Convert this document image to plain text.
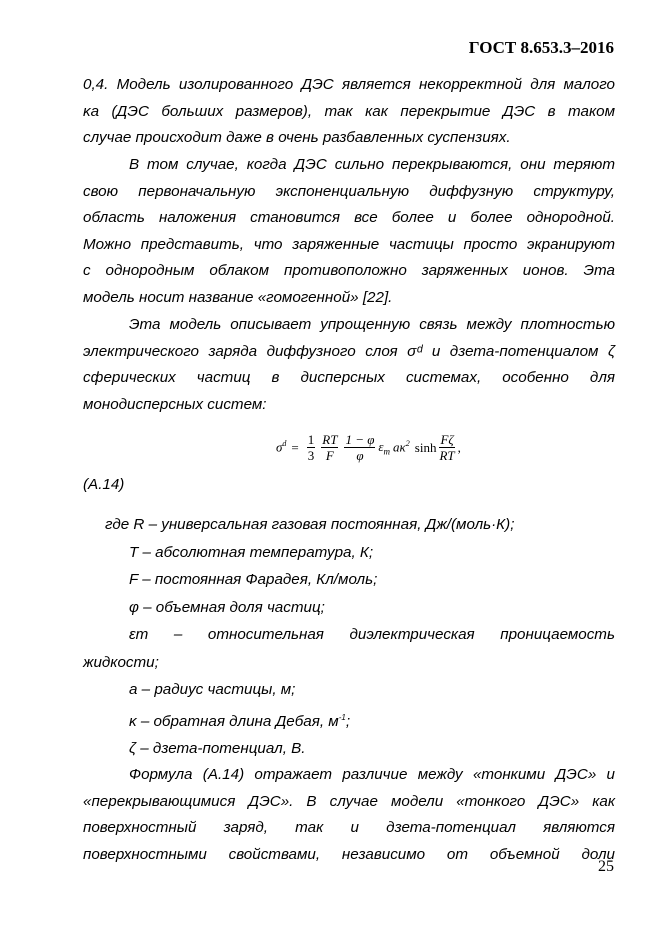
ГОСТ 8.653.3–2016
0,4. Модель изолированного ДЭС является некорректной для малого
κa (ДЭС больших размеров), так как перекрытие ДЭС в таком
случае происходит даже в очень разбавленных суспензиях.
В том случае, когда ДЭС сильно перекрываются, они теряют
свою первоначальную экспоненциальную диффузную структуру,
область наложения становится все более и более однородной.
Можно представить, что заряженные частицы просто экранируют
с однородным облаком противоположно заряженных ионов. Эта
модель носит название «гомогенной» [22].
Эта модель описывает упрощенную связь между плотностью
электрического заряда диффузного слоя σᵈ и дзета-потенциалом ζ
сферических частиц в дисперсных системах, особенно для
монодисперсных систем:
$\sigma^d = \frac{1}{3} \frac{RT}{F} \frac{1 - \varphi}{\varphi} \varepsilon_m$ $a\kappa^2$ $\sinh \frac{F\zeta}{RT}$ ,
(A.14)
где R – универсальная газовая постоянная, Дж/(моль·К);
T – абсолютная температура, К;
F – постоянная Фарадея, Кл/моль;
φ – объемная доля частиц;
εm – относительная диэлектрическая проницаемость
жидкости;
a – радиус частицы, м;
κ – обратная длина Дебая, $м^{-1}$;
ζ – дзета-потенциал, В.
Формула (A.14) отражает различие между «тонкими ДЭС» и
«перекрывающимися ДЭС». В случае модели «тонкого ДЭС» как
поверхностный заряд, так и дзета-потенциал являются
поверхностными свойствами, независимо от объемной доли
25
